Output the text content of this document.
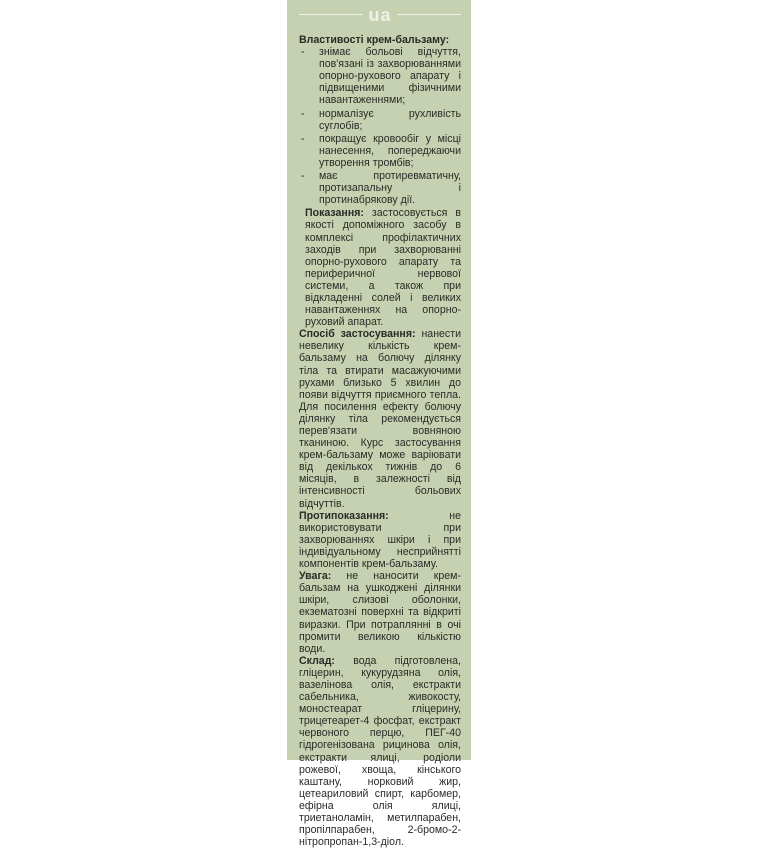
ua

Властивості крем-бальзаму:

- знімає больові відчуття, пов'язані із захворюваннями опорно-рухового апарату і підвищеними фізичними навантаженнями;
- нормалізує рухливість суглобів;
- покращує кровообіг у місці нанесення, попереджаючи утворення тромбів;
- має протиревматичну, протизапальну і протинабрякову дії.

Показання: застосовується в якості допоміжного засобу в комплексі профілактичних заходів при захворюванні опорно-рухового апарату та периферичної нервової системи, а також при відкладенні солей і великих навантаженнях на опорно-руховий апарат.

Спосіб застосування: нанести невелику кількість крем-бальзаму на болючу ділянку тіла та втирати масажуючими рухами близько 5 хвилин до появи відчуття приємного тепла. Для посилення ефекту болючу ділянку тіла рекомендується перев'язати вовняною тканиною. Курс застосування крем-бальзаму може варіювати від декількох тижнів до 6 місяців, в залежності від інтенсивності больових відчуттів.

Протипоказання: не використовувати при захворюваннях шкіри і при індивідуальному несприйнятті компонентів крем-бальзаму.

Увага: не наносити крем-бальзам на ушкоджені ділянки шкіри, слизові оболонки, екзематозні поверхні та відкриті виразки. При потраплянні в очі промити великою кількістю води.

Склад: вода підготовлена, гліцерин, кукурудзяна олія, вазелінова олія, екстракти сабельника, живокосту, моностеарат гліцерину, трицетеарет-4 фосфат, екстракт червоного перцю, ПЕГ-40 гідрогенізована рицинова олія, екстракти ялиці, родіоли рожевої, хвоща, кінського каштану, норковий жир, цетеариловий спирт, карбомер, ефірна олія ялиці, триетаноламін, метилпарабен, пропілпарабен, 2-бромо-2-нітропропан-1,3-діол.
